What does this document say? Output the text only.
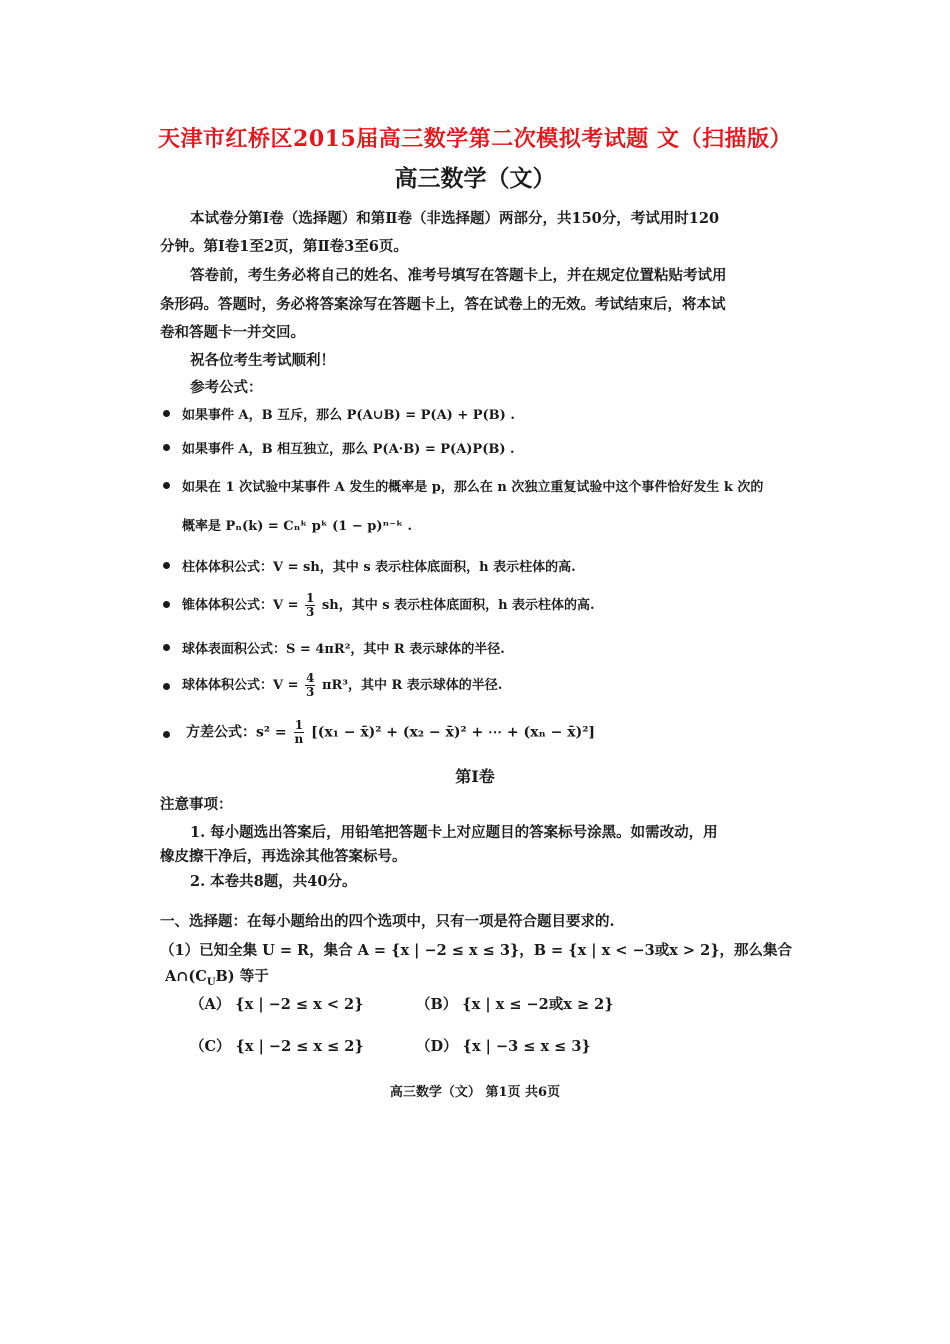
天津市红桥区2015届高三数学第二次模拟考试题 文（扫描版）
高三数学（文）
本试卷分第Ⅰ卷（选择题）和第Ⅱ卷（非选择题）两部分，共150分，考试用时120
分钟。第Ⅰ卷1至2页，第Ⅱ卷3至6页。
答卷前，考生务必将自己的姓名、准考号填写在答题卡上，并在规定位置粘贴考试用
条形码。答题时，务必将答案涂写在答题卡上，答在试卷上的无效。考试结束后，将本试
卷和答题卡一并交回。
祝各位考生考试顺利！
参考公式：
如果事件 A，B 互斥，那么 P(A∪B) = P(A) + P(B) .
如果事件 A，B 相互独立，那么 P(A·B) = P(A)P(B) .
如果在 1 次试验中某事件 A 发生的概率是 p，那么在 n 次独立重复试验中这个事件恰好发生 k 次的
概率是 Pₙ(k) = Cₙᵏ pᵏ (1 − p)ⁿ⁻ᵏ .
柱体体积公式：V = sh，其中 s 表示柱体底面积，h 表示柱体的高.
锥体体积公式：$V = \frac{1}{3}$ sh，其中 s 表示柱体底面积，h 表示柱体的高.
球体表面积公式：S = 4πR²，其中 R 表示球体的半径.
球体体积公式：$V = \frac{4}{3} \pi R^3$，其中 R 表示球体的半径.
方差公式：$s^2 = \frac{1}{n} [(x_1$ − x̄)² + (x₂ − x̄)² + ⋯ + (xₙ − x̄)²]
第Ⅰ卷
注意事项：
1. 每小题选出答案后，用铅笔把答题卡上对应题目的答案标号涂黑。如需改动，用
橡皮擦干净后，再选涂其他答案标号。
2. 本卷共8题，共40分。
一、选择题：在每小题给出的四个选项中，只有一项是符合题目要求的.
（1）已知全集 U = R，集合 A = {x | −2 ≤ x ≤ 3}，B = {x | x < −3或x > 2}，那么集合
$A\cap(C_UB)$ 等于
（A） {x | −2 ≤ x < 2}	（B） {x | x ≤ −2或x ≥ 2}
（C） {x | −2 ≤ x ≤ 2}	（D） {x | −3 ≤ x ≤ 3}
高三数学（文） 第1页 共6页
